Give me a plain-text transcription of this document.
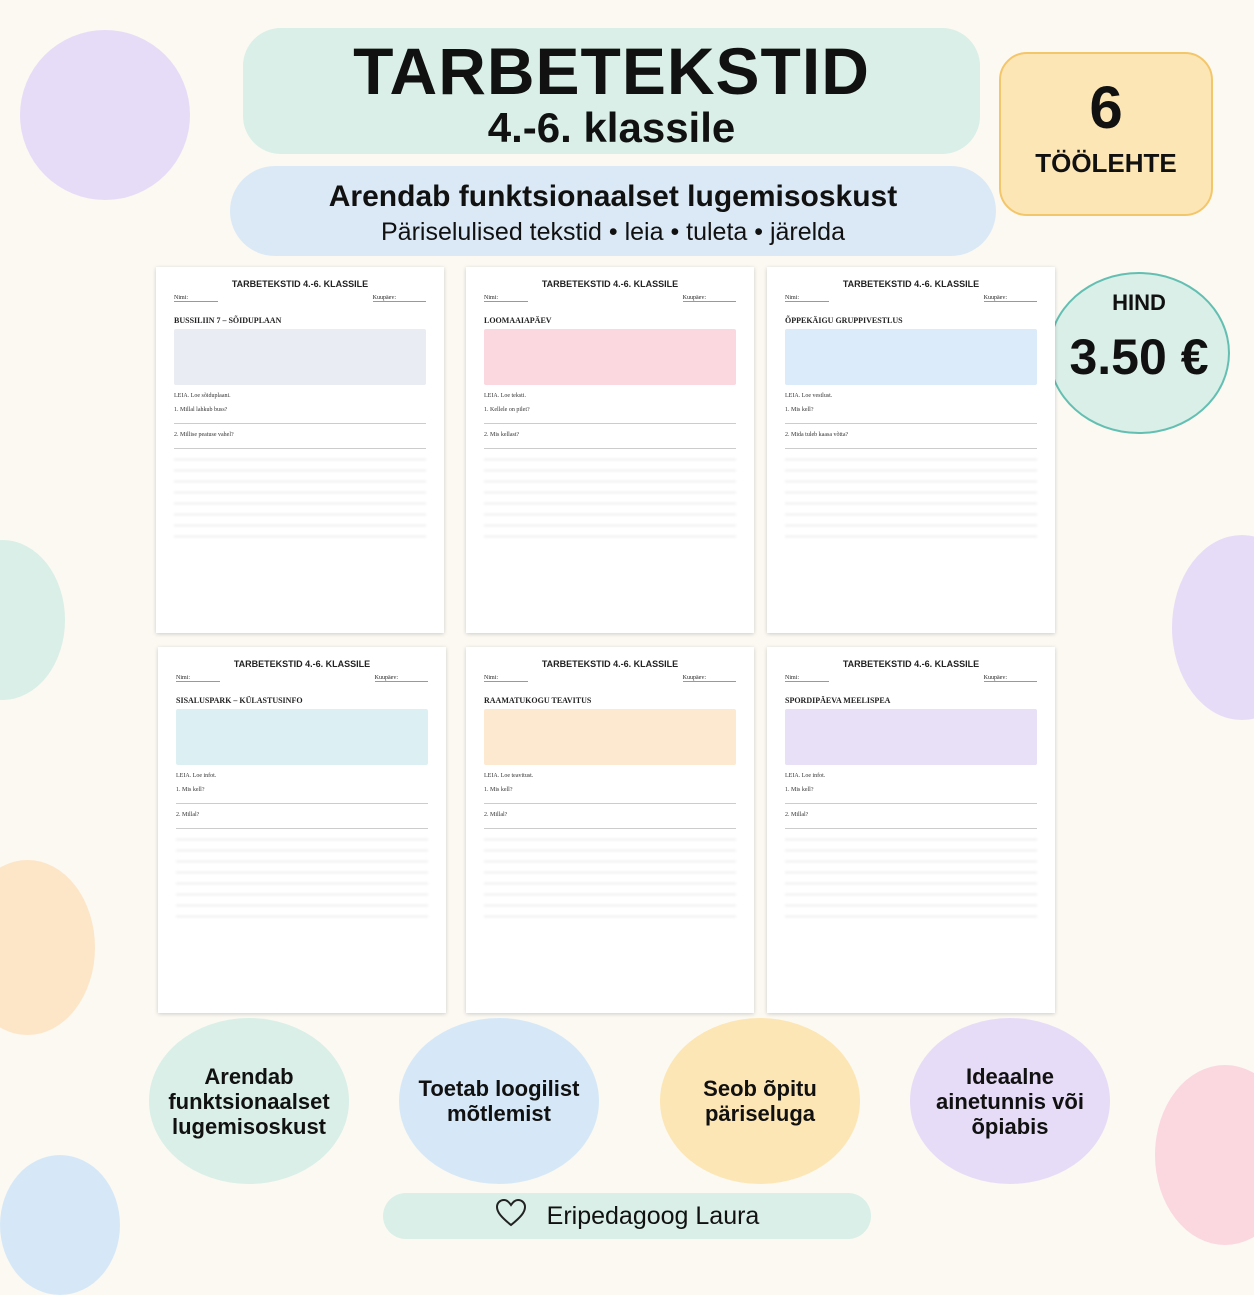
TARBETEKSTID
4.-6. klassile
Arendab funktsionaalset lugemisoskust
Päriselulised tekstid • leia • tuleta • järelda
6
TÖÖLEHTE
HIND
3.50 €
TARBETEKSTID 4.-6. KLASSILE
Nimi:	Kuupäev:
BUSSILIIN 7 – SÕIDUPLAAN
LEIA. Loe sõiduplaani.
1. Millal lahkub buss?
2. Millise peatuse vahel?
TARBETEKSTID 4.-6. KLASSILE
Nimi:	Kuupäev:
LOOMAAIAPÄEV
LEIA. Loe teksti.
1. Kellele on pilet?
2. Mis kellast?
TARBETEKSTID 4.-6. KLASSILE
Nimi:	Kuupäev:
ÕPPEKÄIGU GRUPPIVESTLUS
LEIA. Loe vestlust.
1. Mis kell?
2. Mida tuleb kaasa võtta?
TARBETEKSTID 4.-6. KLASSILE
Nimi:	Kuupäev:
SISALUSPARK – KÜLASTUSINFO
LEIA. Loe infot.
1. Mis kell?
2. Millal?
TARBETEKSTID 4.-6. KLASSILE
Nimi:	Kuupäev:
RAAMATUKOGU TEAVITUS
LEIA. Loe teavitust.
1. Mis kell?
2. Millal?
TARBETEKSTID 4.-6. KLASSILE
Nimi:	Kuupäev:
SPORDIPÄEVA MEELISPEA
LEIA. Loe infot.
1. Mis kell?
2. Millal?
Arendab funktsionaalset lugemisoskust
Toetab loogilist mõtlemist
Seob õpitu päriseluga
Ideaalne ainetunnis või õpiabis
Eripedagoog Laura
